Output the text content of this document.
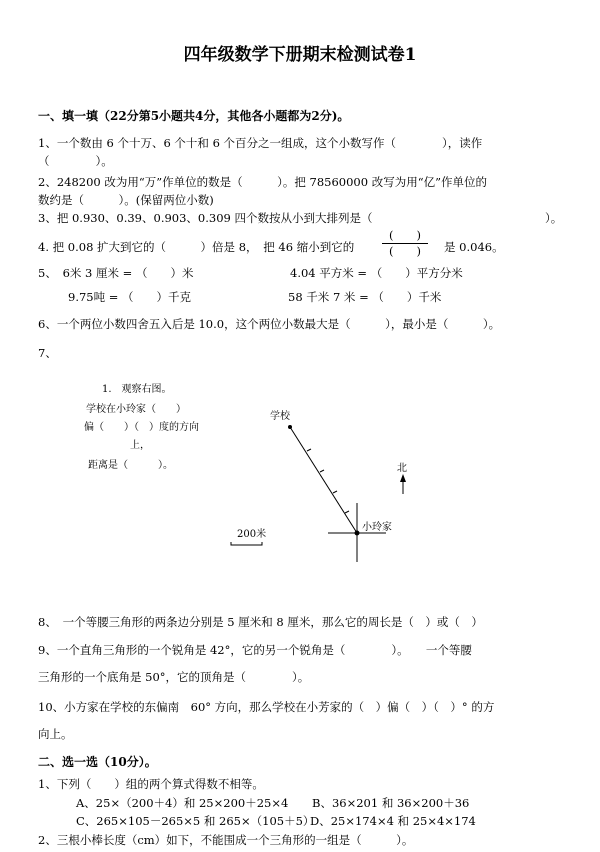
四年级数学下册期末检测试卷1
一、填一填（22分第5小题共4分，其他各小题都为2分)。
1、一个数由 6 个十万、6 个十和 6 个百分之一组成，这个小数写作（　　　　），读作
（　　　　）。
2、248200 改为用“万”作单位的数是（　　　）。把 78560000 改写为用“亿”作单位的
数约是（　　　）。(保留两位小数)
3、把 0.930、0.39、0.903、0.309 四个数按从小到大排列是（　　　　　　　　　　　　　　　）。
4. 把 0.08 扩大到它的（　　　）倍是 8，　把 46 缩小到它的
(　　)
(　　) 是 0.046。
5、　6米 3 厘米 = （　　）米	4.04 平方米 = （　　）平方分米
9.75吨 = （　　）千克	58 千米 7 米 = （　　）千米
6、一个两位小数四舍五入后是 10.0，这个两位小数最大是（　　　），最小是（　　　）。
7、
1.　观察右图。
学校在小玲家（　　）
偏（　　）（　）度的方向
上，
距离是（　　　）。
学校
北
小玲家
200米
8、　一个等腰三角形的两条边分别是 5 厘米和 8 厘米，那么它的周长是（　）或（　）
9、一个直角三角形的一个锐角是 42°，它的另一个锐角是（　　　　）。　　一个等腰
三角形的一个底角是 50°，它的顶角是（　　　　）。
10、小方家在学校的东偏南　60° 方向，那么学校在小芳家的（　）偏（　）（　）° 的方
向上。
二、选一选（10分）。
1、下列（　　）组的两个算式得数不相等。
A、25×（200＋4）和 25×200＋25×4 B、36×201 和 36×200＋36
C、265×105－265×5 和 265×（105＋5）
D、25×174×4 和 25×4×174
2、三根小棒长度（cm）如下，不能围成一个三角形的一组是（　　　）。
